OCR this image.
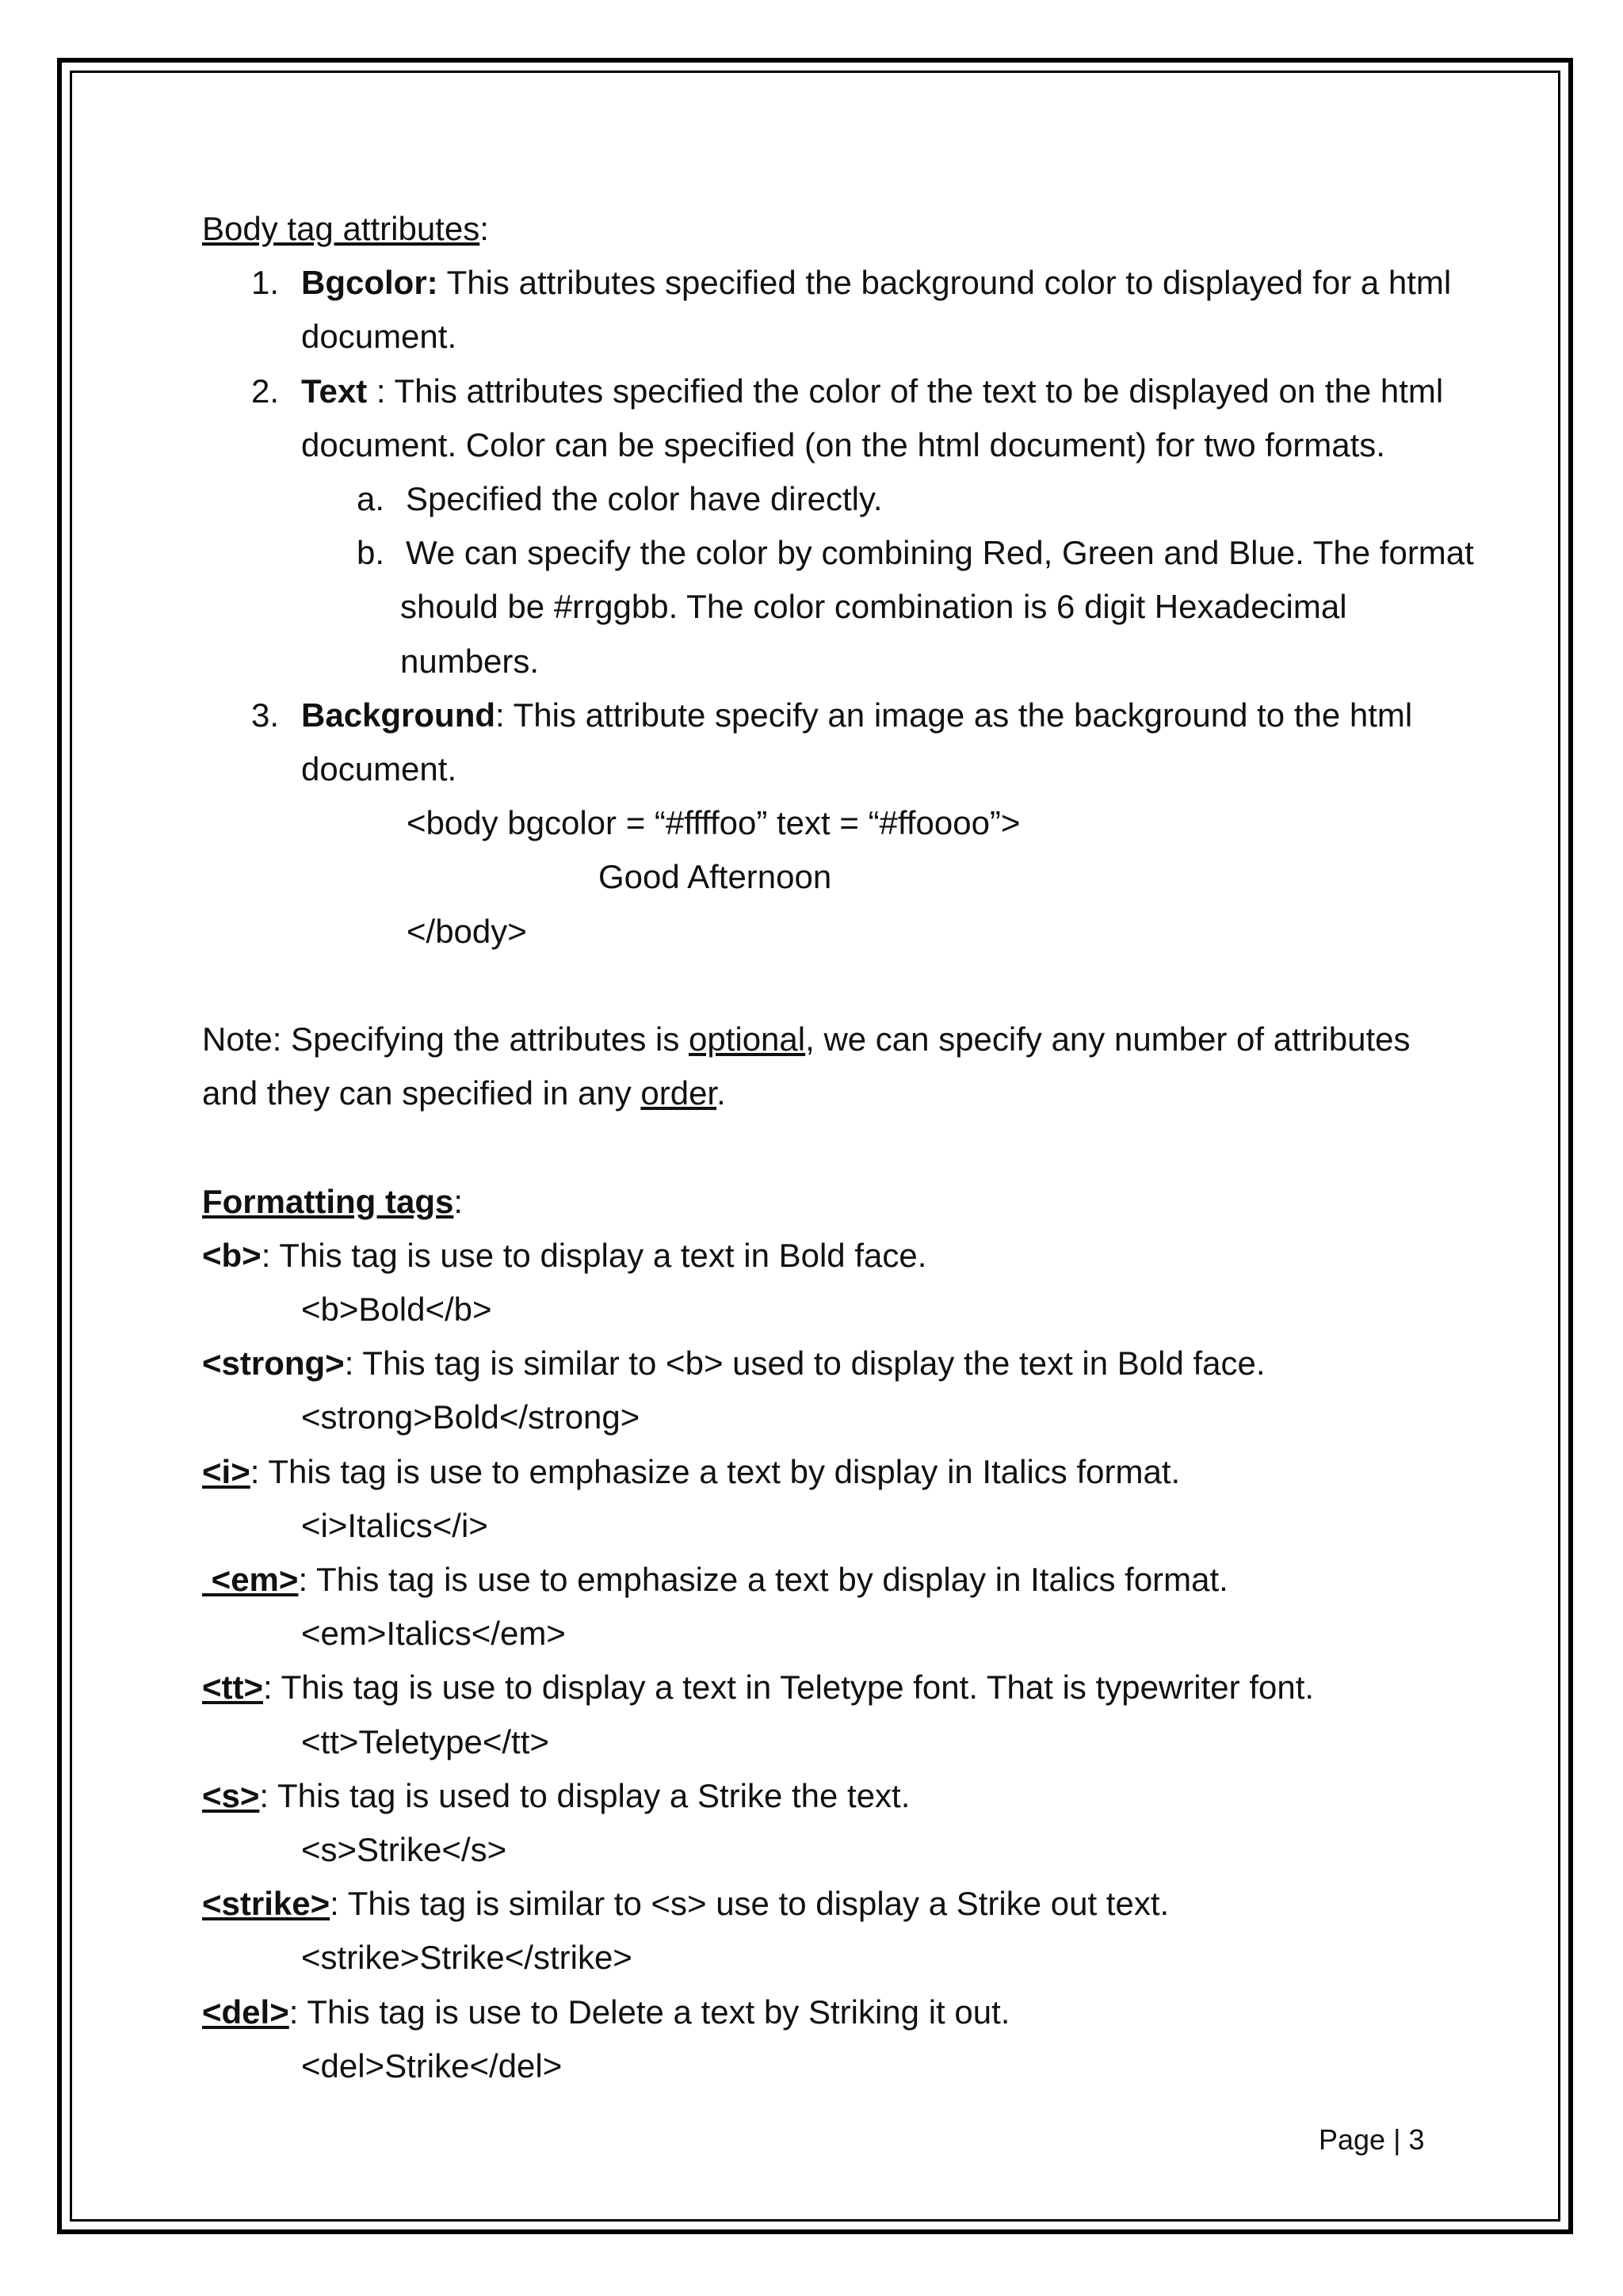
Body tag attributes:

1. Bgcolor: This attributes specified the background color to displayed for a html

document.

2. Text : This attributes specified the color of the text to be displayed on the html

document. Color can be specified (on the html document) for two formats.

a. Specified the color have directly.

b. We can specify the color by combining Red, Green and Blue. The format

should be #rrggbb. The color combination is 6 digit Hexadecimal

numbers.

3. Background: This attribute specify an image as the background to the html

document.

<body bgcolor = “#ffffoo” text = “#ffoooo”>

Good Afternoon

</body>

Note: Specifying the attributes is optional, we can specify any number of attributes

and they can specified in any order.

Formatting tags:

<b>: This tag is use to display a text in Bold face.

<b>Bold</b>

<strong>: This tag is similar to <b> used to display the text in Bold face.

<strong>Bold</strong>

<i>: This tag is use to emphasize a text by display in Italics format.

<i>Italics</i>

<em>: This tag is use to emphasize a text by display in Italics format.

<em>Italics</em>

<tt>: This tag is use to display a text in Teletype font. That is typewriter font.

<tt>Teletype</tt>

<s>: This tag is used to display a Strike the text.

<s>Strike</s>

<strike>: This tag is similar to <s> use to display a Strike out text.

<strike>Strike</strike>

<del>: This tag is use to Delete a text by Striking it out.

<del>Strike</del>

Page | 3
